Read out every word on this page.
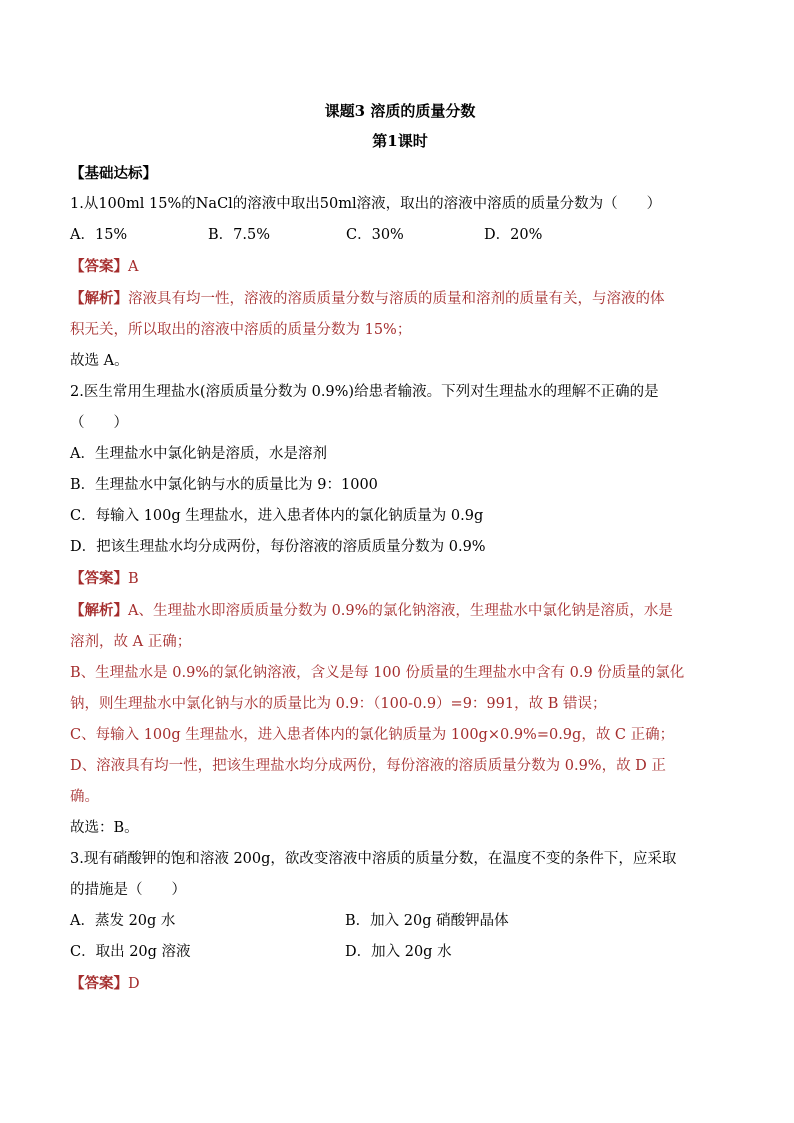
课题3 溶质的质量分数
第1课时
【基础达标】
1.从100ml 15%的NaCl的溶液中取出50ml溶液，取出的溶液中溶质的质量分数为（　　）
A．15%	B．7.5%	C．30%	D．20%
【答案】A
【解析】溶液具有均一性，溶液的溶质质量分数与溶质的质量和溶剂的质量有关，与溶液的体
积无关，所以取出的溶液中溶质的质量分数为 15%；
故选 A。
2.医生常用生理盐水(溶质质量分数为 0.9%)给患者输液。下列对生理盐水的理解不正确的是
（　　）
A．生理盐水中氯化钠是溶质，水是溶剂
B．生理盐水中氯化钠与水的质量比为 9：1000
C．每输入 100g 生理盐水，进入患者体内的氯化钠质量为 0.9g
D．把该生理盐水均分成两份，每份溶液的溶质质量分数为 0.9%
【答案】B
【解析】A、生理盐水即溶质质量分数为 0.9%的氯化钠溶液，生理盐水中氯化钠是溶质，水是
溶剂，故 A 正确；
B、生理盐水是 0.9%的氯化钠溶液，含义是每 100 份质量的生理盐水中含有 0.9 份质量的氯化
钠，则生理盐水中氯化钠与水的质量比为 0.9：（100-0.9）=9：991，故 B 错误；
C、每输入 100g 生理盐水，进入患者体内的氯化钠质量为 100g×0.9%=0.9g，故 C 正确；
D、溶液具有均一性，把该生理盐水均分成两份，每份溶液的溶质质量分数为 0.9%，故 D 正
确。
故选：B。
3.现有硝酸钾的饱和溶液 200g，欲改变溶液中溶质的质量分数，在温度不变的条件下，应采取
的措施是（　　）
A．蒸发 20g 水	B．加入 20g 硝酸钾晶体
C．取出 20g 溶液	D．加入 20g 水
【答案】D
